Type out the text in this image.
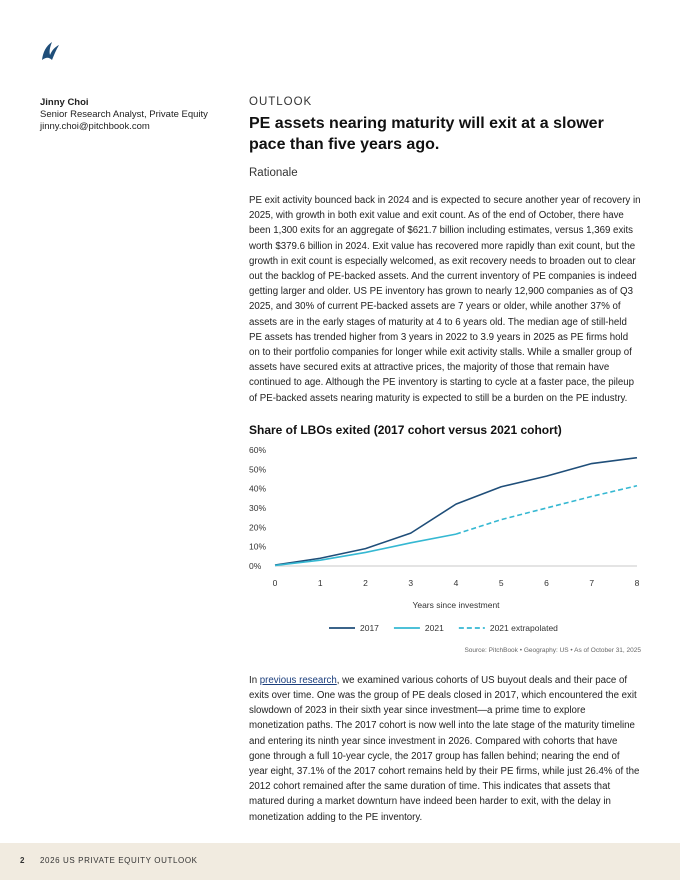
Jinny Choi
Senior Research Analyst, Private Equity
jinny.choi@pitchbook.com
OUTLOOK
PE assets nearing maturity will exit at a slower pace than five years ago.
Rationale

PE exit activity bounced back in 2024 and is expected to secure another year of recovery in 2025, with growth in both exit value and exit count. As of the end of October, there have been 1,300 exits for an aggregate of $621.7 billion including estimates, versus 1,369 exits worth $379.6 billion in 2024. Exit value has recovered more rapidly than exit count, but the growth in exit count is especially welcomed, as exit recovery needs to broaden out to clear out the backlog of PE-backed assets. And the current inventory of PE companies is indeed getting larger and older. US PE inventory has grown to nearly 12,900 companies as of Q3 2025, and 30% of current PE-backed assets are 7 years or older, while another 37% of assets are in the early stages of maturity at 4 to 6 years old. The median age of still-held PE assets has trended higher from 3 years in 2022 to 3.9 years in 2025 as PE firms hold on to their portfolio companies for longer while exit activity stalls. While a smaller group of assets have secured exits at attractive prices, the majority of those that remain have continued to age. Although the PE inventory is starting to cycle at a faster pace, the pileup of PE-backed assets nearing maturity is expected to still be a burden on the PE industry.

Share of LBOs exited (2017 cohort versus 2021 cohort)
60%
50%
40%
30%
20%
10%
0%
0	1	2	3	4	5	6	7	8
Years since investment
2017	2021	2021 extrapolated
Source: PitchBook • Geography: US • As of October 31, 2025

In previous research, we examined various cohorts of US buyout deals and their pace of exits over time. One was the group of PE deals closed in 2017, which encountered the exit slowdown of 2023 in their sixth year since investment—a prime time to explore monetization paths. The 2017 cohort is now well into the late stage of the maturity timeline and entering its ninth year since investment in 2026. Compared with cohorts that have gone through a full 10-year cycle, the 2017 group has fallen behind; nearing the end of year eight, 37.1% of the 2017 cohort remains held by their PE firms, while just 26.4% of the 2012 cohort remained after the same duration of time. This indicates that assets that matured during a market downturn have indeed been harder to exit, with the delay in monetization adding to the PE inventory.

2 2026 US PRIVATE EQUITY OUTLOOK
